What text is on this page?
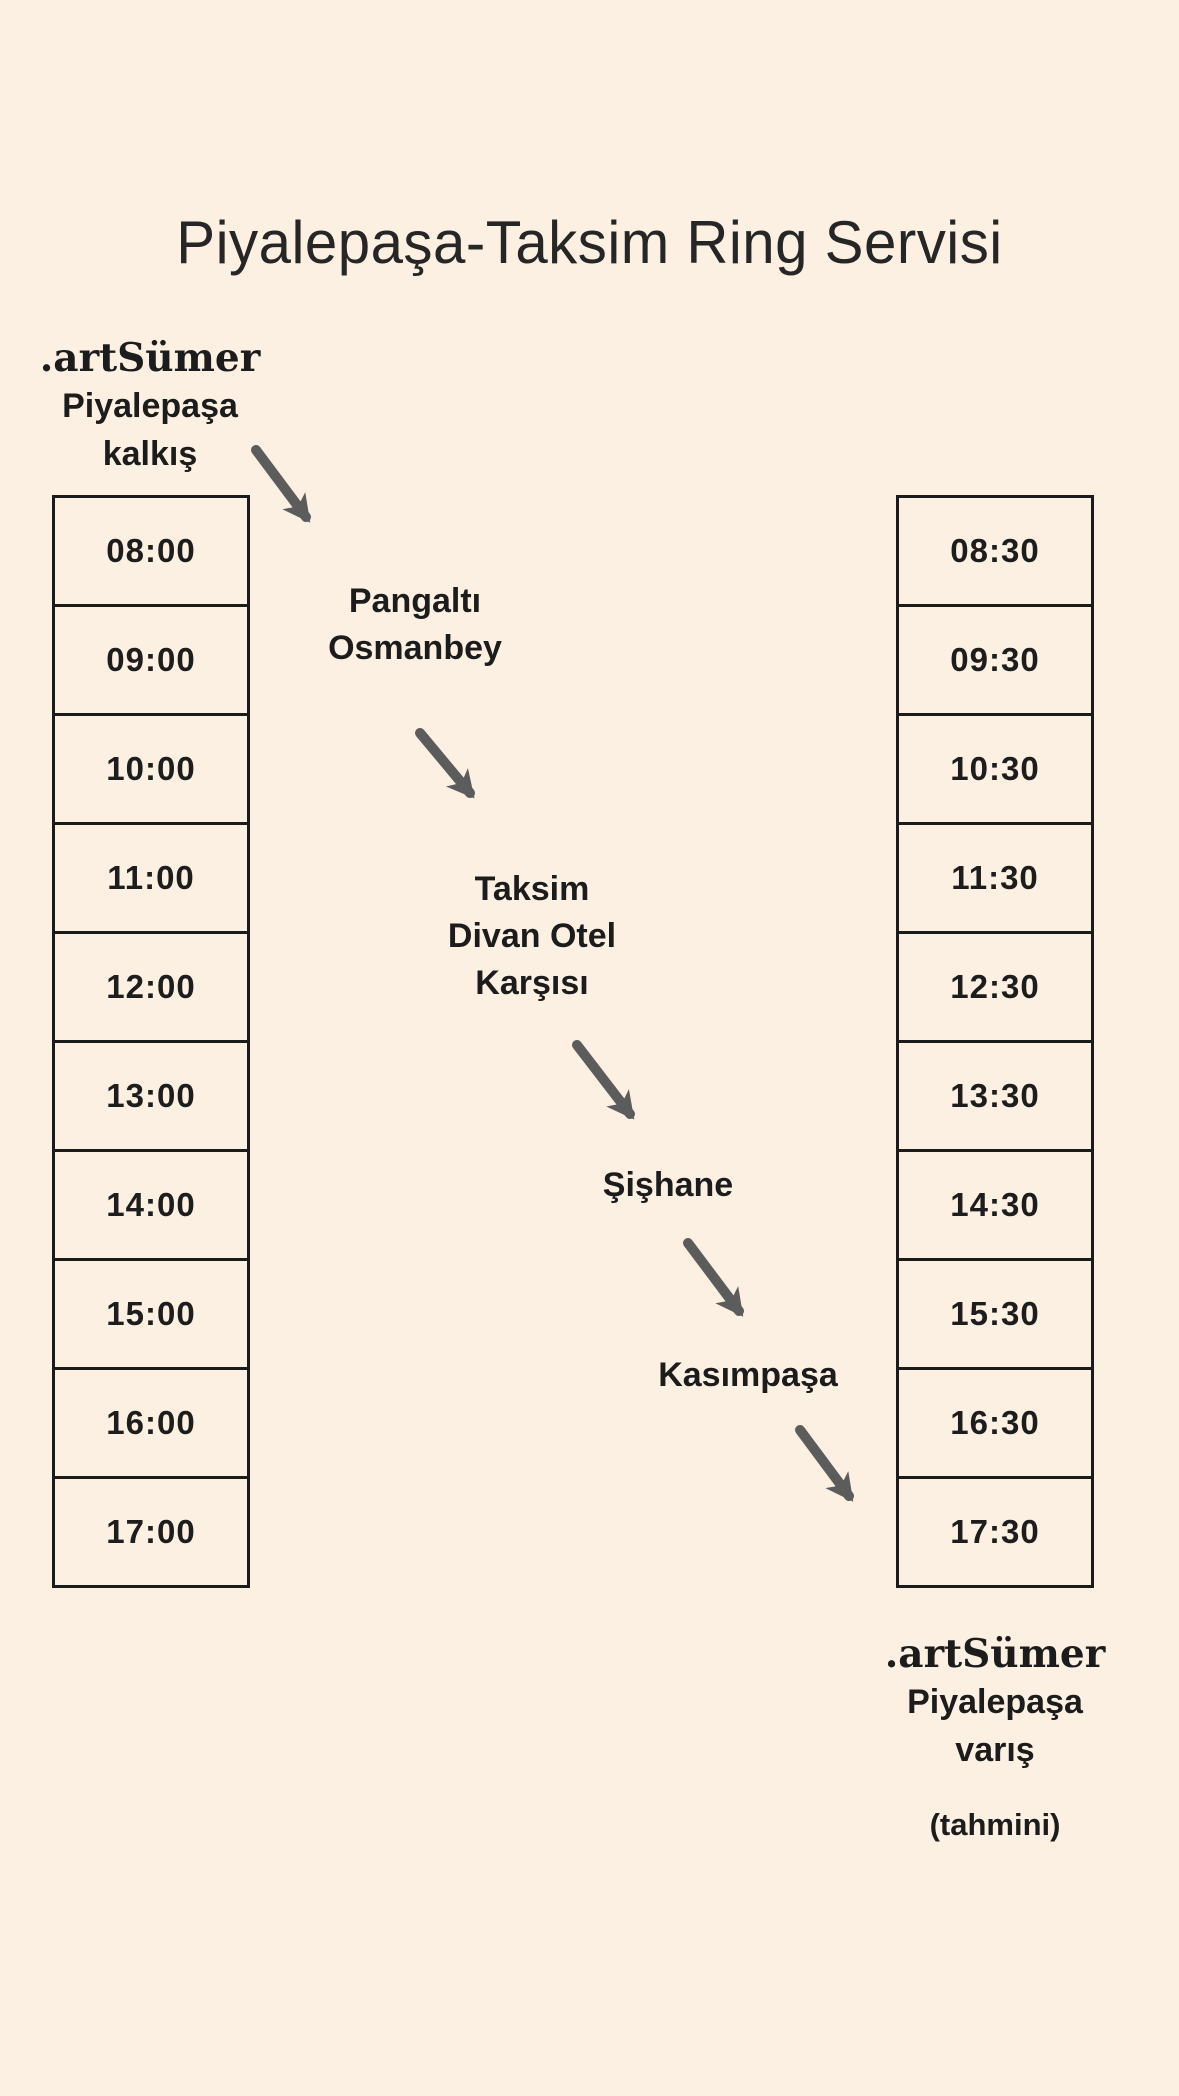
Piyalepaşa-Taksim Ring Servisi
.artSümer
Piyalepaşa
kalkış
08:00
09:00
10:00
11:00
12:00
13:00
14:00
15:00
16:00
17:00
08:30
09:30
10:30
11:30
12:30
13:30
14:30
15:30
16:30
17:30
Pangaltı
Osmanbey
Taksim
Divan Otel
Karşısı
Şişhane
Kasımpaşa
.artSümer
Piyalepaşa
varış
(tahmini)
